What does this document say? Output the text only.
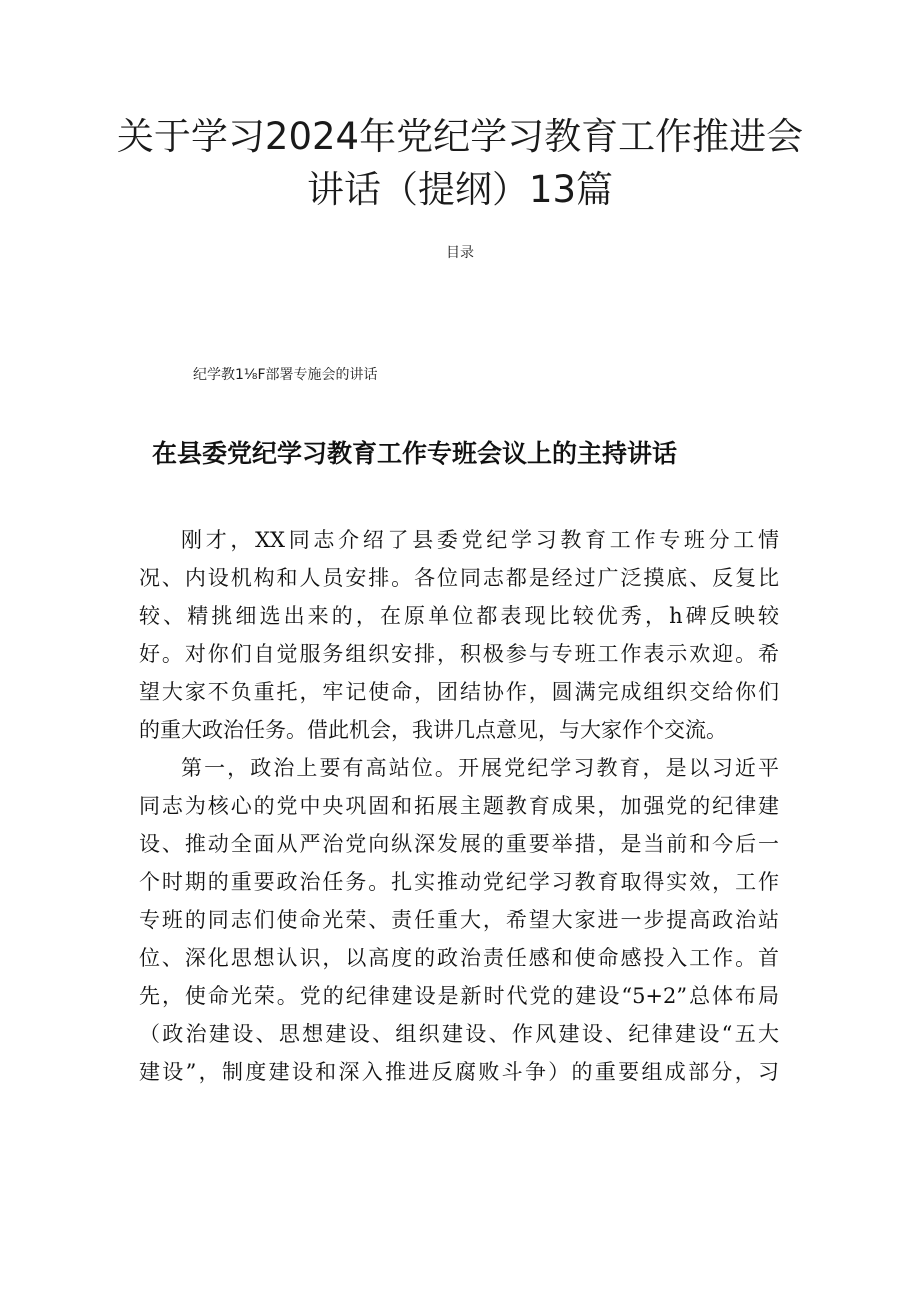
关于学习2024年党纪学习教育工作推进会
讲话（提纲）13篇
目录
纪学教1⅛F部署专施会的讲话
在县委党纪学习教育工作专班会议上的主持讲话
刚才，XX同志介绍了县委党纪学习教育工作专班分工情
况、内设机构和人员安排。各位同志都是经过广泛摸底、反复比
较、精挑细选出来的，在原单位都表现比较优秀，h碑反映较
好。对你们自觉服务组织安排，积极参与专班工作表示欢迎。希
望大家不负重托，牢记使命，团结协作，圆满完成组织交给你们
的重大政治任务。借此机会，我讲几点意见，与大家作个交流。
第一，政治上要有高站位。开展党纪学习教育，是以习近平
同志为核心的党中央巩固和拓展主题教育成果，加强党的纪律建
设、推动全面从严治党向纵深发展的重要举措，是当前和今后一
个时期的重要政治任务。扎实推动党纪学习教育取得实效，工作
专班的同志们使命光荣、责任重大，希望大家进一步提高政治站
位、深化思想认识，以高度的政治责任感和使命感投入工作。首
先，使命光荣。党的纪律建设是新时代党的建设“5+2”总体布局
（政治建设、思想建设、组织建设、作风建设、纪律建设“五大
建设”，制度建设和深入推进反腐败斗争）的重要组成部分，习
